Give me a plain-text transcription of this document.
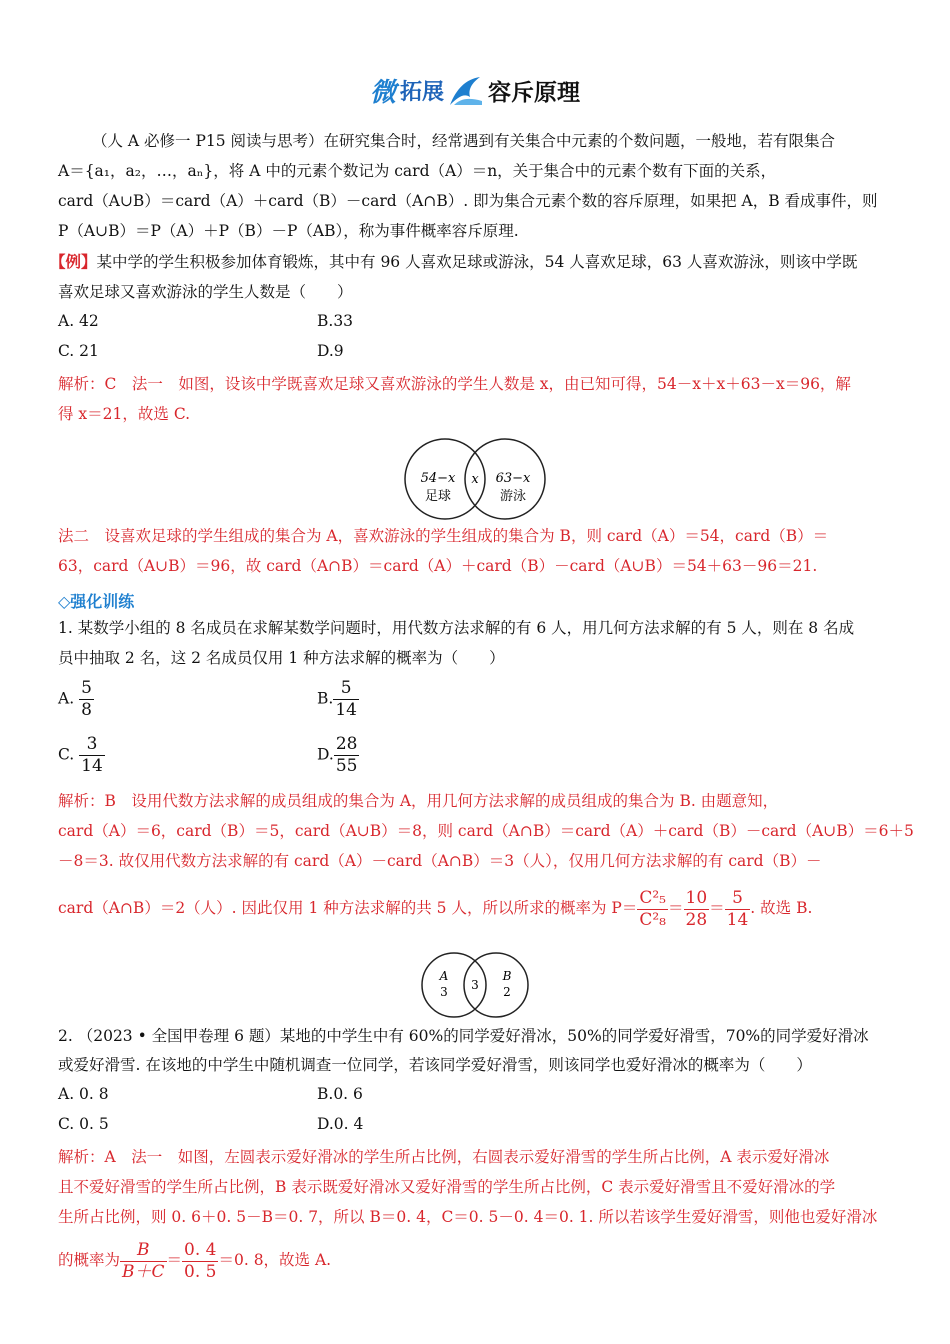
微 拓展 容斥原理
（人 A 必修一 P15 阅读与思考）在研究集合时，经常遇到有关集合中元素的个数问题，一般地，若有限集合
A＝{a₁，a₂，…，aₙ}，将 A 中的元素个数记为 card（A）＝n，关于集合中的元素个数有下面的关系，
card（A∪B）＝card（A）＋card（B）－card（A∩B）. 即为集合元素个数的容斥原理，如果把 A，B 看成事件，则
P（A∪B）＝P（A）＋P（B）－P（AB），称为事件概率容斥原理.
【例】某中学的学生积极参加体育锻炼，其中有 96 人喜欢足球或游泳，54 人喜欢足球，63 人喜欢游泳，则该中学既
喜欢足球又喜欢游泳的学生人数是（　　）
A. 42	B.33
C. 21	D.9
解析：C　法一　如图，设该中学既喜欢足球又喜欢游泳的学生人数是 x，由已知可得，54－x＋x＋63－x＝96，解
得 x＝21，故选 C.
54−x
足球
x 63−x
游泳
法二　设喜欢足球的学生组成的集合为 A，喜欢游泳的学生组成的集合为 B，则 card（A）＝54，card（B）＝
63，card（A∪B）＝96，故 card（A∩B）＝card（A）＋card（B）－card（A∪B）＝54＋63－96＝21.
◇强化训练
1. 某数学小组的 8 名成员在求解某数学问题时，用代数方法求解的有 6 人，用几何方法求解的有 5 人，则在 8 名成
员中抽取 2 名，这 2 名成员仅用 1 种方法求解的概率为（　　）
A. $\frac{5}{8}$	B. $\frac{5}{14}$
C. $\frac{3}{14}$	D. $\frac{28}{55}$
解析：B　设用代数方法求解的成员组成的集合为 A，用几何方法求解的成员组成的集合为 B. 由题意知，
card（A）＝6，card（B）＝5，card（A∪B）＝8，则 card（A∩B）＝card（A）＋card（B）－card（A∪B）＝6＋5
－8＝3. 故仅用代数方法求解的有 card（A）－card（A∩B）＝3（人），仅用几何方法求解的有 card（B）－
card（A∩B）＝2（人）. 因此仅用 1 种方法求解的共 5 人，所以所求的概率为 $P= \frac{\text{C²₅}}{\text{C²₈}} = \frac{10}{28} = \frac{5}{14}$ . 故选 B.
A
3 3
B
2
2. （2023 • 全国甲卷理 6 题）某地的中学生中有 60%的同学爱好滑冰，50%的同学爱好滑雪，70%的同学爱好滑冰
或爱好滑雪. 在该地的中学生中随机调查一位同学，若该同学爱好滑雪，则该同学也爱好滑冰的概率为（　　）
A. 0. 8	B.0. 6
C. 0. 5	D.0. 4
解析：A　法一　如图，左圆表示爱好滑冰的学生所占比例，右圆表示爱好滑雪的学生所占比例，A 表示爱好滑冰
且不爱好滑雪的学生所占比例，B 表示既爱好滑冰又爱好滑雪的学生所占比例，C 表示爱好滑雪且不爱好滑冰的学
生所占比例，则 0. 6＋0. 5－B＝0. 7，所以 B＝0. 4，C＝0. 5－0. 4＝0. 1. 所以若该学生爱好滑雪，则他也爱好滑冰
的概率为 $\frac{B}{B+C} = \frac{0. 4}{0. 5} =0$. 8，故选 A.
